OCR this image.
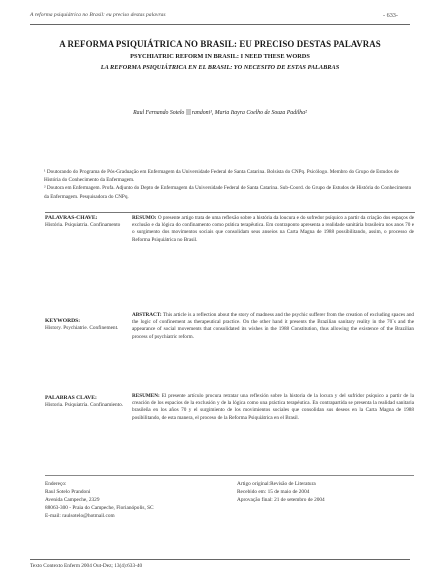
A reforma psiquiátrica no Brasil: eu preciso destas palavras	- 633-
A REFORMA PSIQUIÁTRICA NO BRASIL: EU PRECISO DESTAS PALAVRAS
PSYCHIATRIC REFORM IN BRASIL: I NEED THESE WORDS
LA REFORMA PSIQUIÁTRICA EN EL BRASIL: YO NECESITO DE ESTAS PALABRAS
Raul Fernando Sotelo randoni¹, Maria Itayra Coelho de Souza Padilha²

¹ Doutorando do Programa de Pós-Graduação em Enfermagem da Universidade Federal de Santa Catarina. Bolsista do CNPq. Psicólogo. Membro do Grupo de Estudos de História do Conhecimento da Enfermagem.

² Doutora em Enfermagem. Profa. Adjunto do Depto de Enfermagem da Universidade Federal de Santa Catarina. Sub-Coord. do Grupo de Estudos de História do Conhecimento da Enfermagem. Pesquisadora do CNPq.

PALAVRAS-CHAVE:
História. Psiquiatria. Confinamento
RESUMO: O presente artigo trata de uma reflexão sobre a história da loucura e do sofredor psíquico a partir da criação dos espaços de exclusão e da lógica do confinamento como prática terapêutica. Em contraponto apresenta a realidade sanitária brasileira nos anos 70 e o surgimento dos movimentos sociais que consolidam seus anseios na Carta Magna de 1988 possibilitando, assim, o processo de Reforma Psiquiátrica no Brasil.
KEYWORDS:
History. Psychiatrie. Confinement.
ABSTRACT: This article is a reflection about the story of madness and the psychic sufferer from the creation of excluding spaces and the logic of confinement as therapeutical practice. On the other hand it presents the Brazilian sanitary reality in the 70´s and the appearance of social movements that consolidated its wishes in the 1988 Constitution, thus allowing the existence of the Brazilian process of psychiatric reform.
PALABRAS CLAVE:
Historia. Psiquiatría. Confinamiento.
RESUMEN: El presente artículo procura retratar una reflexión sobre la historia de la locura y del sufridor psíquico a partir de la creación de los espacios de la exclusión y de la lógica como una práctica terapéutica. En contrapartida se presenta la realidad sanitaria brasileña en los años 70 y el surgimiento de los movimientos sociales que consolidan sus deseos en la Carta Magna de 1988 posibilitando, de esta manera, el proceso de la Reforma Psiquiátrica en el Brasil.
Endereço:
Raul Sotelo Prandoni
Avenida Campeche, 2329
88063-300 - Praia do Campeche, Florianópolis, SC
E-mail: raulsotelo@hotmail.com
Artigo original:Revisão de Literatura
Recebido em: 15 de maio de 2004
Aprovação final: 21 de setembro de 2004
Texto Contexto Enferm 2004 Out-Dez; 13(4):633-40
